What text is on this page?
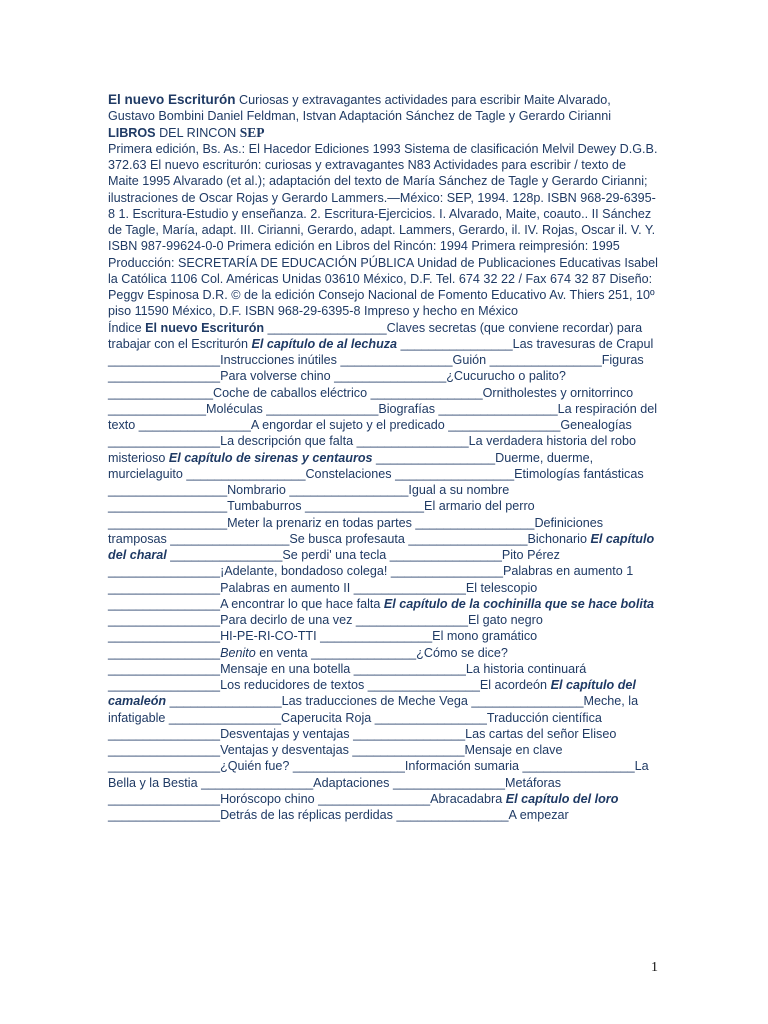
El nuevo Escriturón Curiosas y extravagantes actividades para escribir Maite Alvarado, Gustavo Bombini Daniel Feldman, Istvan Adaptación Sánchez de Tagle y Gerardo Cirianni LIBROS DEL RINCON SEP
Primera edición, Bs. As.: El Hacedor Ediciones 1993 Sistema de clasificación Melvil Dewey D.G.B. 372.63 El nuevo escriturón: curiosas y extravagantes N83 Actividades para escribir / texto de Maite 1995 Alvarado (et al.); adaptación del texto de María Sánchez de Tagle y Gerardo Cirianni; ilustraciones de Oscar Rojas y Gerardo Lammers.—México: SEP, 1994. 128p. ISBN 968-29-6395-8 1. Escritura-Estudio y enseñanza. 2. Escritura-Ejercicios. I. Alvarado, Maite, coauto.. II Sánchez de Tagle, María, adapt. III. Cirianni, Gerardo, adapt. Lammers, Gerardo, il. IV. Rojas, Oscar il. V. Y. ISBN 987-99624-0-0 Primera edición en Libros del Rincón: 1994 Primera reimpresión: 1995 Producción: SECRETARÍA DE EDUCACIÓN PÚBLICA Unidad de Publicaciones Educativas Isabel la Católica 1106 Col. Américas Unidas 03610 México, D.F. Tel. 674 32 22 / Fax 674 32 87 Diseño: Peggv Espinosa D.R. © de la edición Consejo Nacional de Fomento Educativo Av. Thiers 251, 10º piso 11590 México, D.F. ISBN 968-29-6395-8 Impreso y hecho en México

Índice El nuevo Escriturón _________________Claves secretas (que conviene recordar) para trabajar con el Escriturón El capítulo de al lechuza ________________Las travesuras de Crapul ________________Instrucciones inútiles ________________Guión ________________Figuras ________________Para volverse chino ________________¿Cucurucho o palito? _______________Coche de caballos eléctrico ________________Ornitholestes y ornitorrinco ______________Moléculas ________________Biografías _________________La respiración del texto ________________A engordar el sujeto y el predicado ________________Genealogías ________________La descripción que falta ________________La verdadera historia del robo misterioso El capítulo de sirenas y centauros _________________Duerme, duerme, murcielaguito _________________Constelaciones _________________Etimologías fantásticas _________________Nombrario _________________Igual a su nombre _________________Tumbaburros _________________El armario del perro _________________Meter la prenariz en todas partes _________________Definiciones tramposas _________________Se busca profesauta _________________Bichonario El capítulo del charal ________________Se perdi' una tecla ________________Pito Pérez ________________¡Adelante, bondadoso colega! ________________Palabras en aumento 1 ________________Palabras en aumento II ________________El telescopio ________________A encontrar lo que hace falta El capítulo de la cochinilla que se hace bolita ________________Para decirlo de una vez ________________El gato negro ________________HI-PE-RI-CO-TTI ________________El mono gramático ________________Benito en venta _______________¿Cómo se dice? ________________Mensaje en una botella ________________La historia continuará ________________Los reducidores de textos ________________El acordeón El capítulo del camaleón ________________Las traducciones de Meche Vega ________________Meche, la infatigable ________________Caperucita Roja ________________Traducción científica ________________Desventajas y ventajas ________________Las cartas del señor Eliseo ________________Ventajas y desventajas ________________Mensaje en clave ________________¿Quién fue? ________________Información sumaria ________________La Bella y la Bestia ________________Adaptaciones ________________Metáforas ________________Horóscopo chino ________________Abracadabra El capítulo del loro ________________Detrás de las réplicas perdidas ________________A empezar

1
